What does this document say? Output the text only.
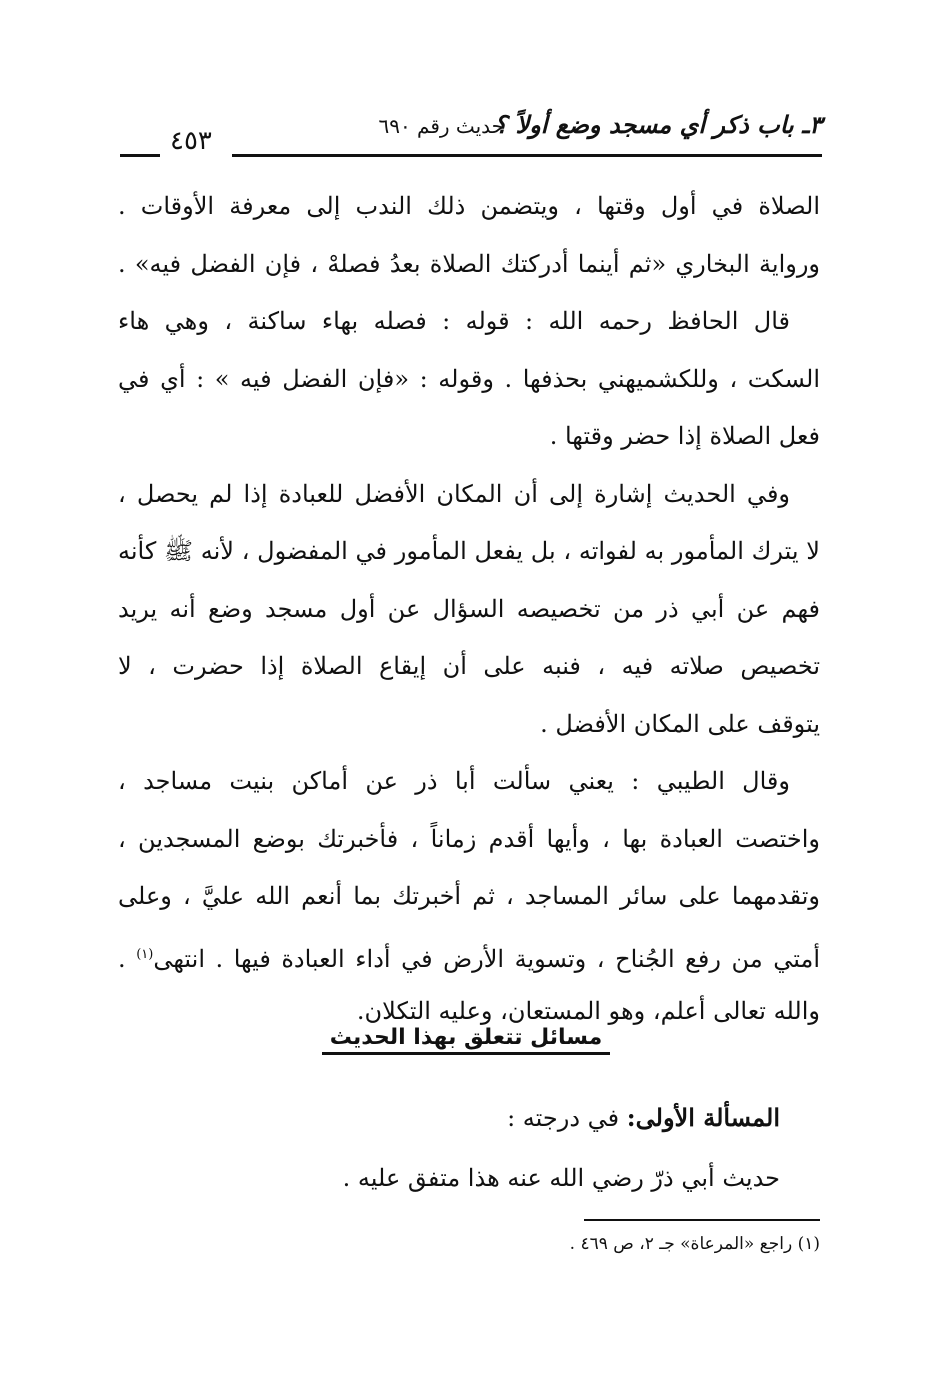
٣ـ باب ذكر أي مسجد وضع أولاً ؟
حديث رقم ٦٩٠
٤٥٣
الصلاة في أول وقتها ، ويتضمن ذلك الندب إلى معرفة الأوقات .
ورواية البخاري «ثم أينما أدركتك الصلاة بعدُ فصلهْ ، فإن الفضل فيه» .
قال الحافظ رحمه الله : قوله : فصله بهاء ساكنة ، وهي هاء
السكت ، وللكشميهني بحذفها . وقوله : «فإن الفضل فيه » : أي في
فعل الصلاة إذا حضر وقتها .
وفي الحديث إشارة إلى أن المكان الأفضل للعبادة إذا لم يحصل ،
لا يترك المأمور به لفواته ، بل يفعل المأمور في المفضول ، لأنه ﷺ كأنه
فهم عن أبي ذر من تخصيصه السؤال عن أول مسجد وضع أنه يريد
تخصيص صلاته فيه ، فنبه على أن إيقاع الصلاة إذا حضرت ، لا
يتوقف على المكان الأفضل .
وقال الطيبي : يعني سألت أبا ذر عن أماكن بنيت مساجد ،
واختصت العبادة بها ، وأيها أقدم زماناً ، فأخبرتك بوضع المسجدين ،
وتقدمهما على سائر المساجد ، ثم أخبرتك بما أنعم الله عليَّ ، وعلى
أمتي من رفع الجُناح ، وتسوية الأرض في أداء العبادة فيها . انتهى$^{(١)}$ .
والله تعالى أعلم، وهو المستعان، وعليه التكلان.
مسائل تتعلق بهذا الحديث
المسألة الأولى: في درجته :
حديث أبي ذرّ رضي الله عنه هذا متفق عليه .
(١) راجع «المرعاة» جـ ٢، ص ٤٦٩ .
